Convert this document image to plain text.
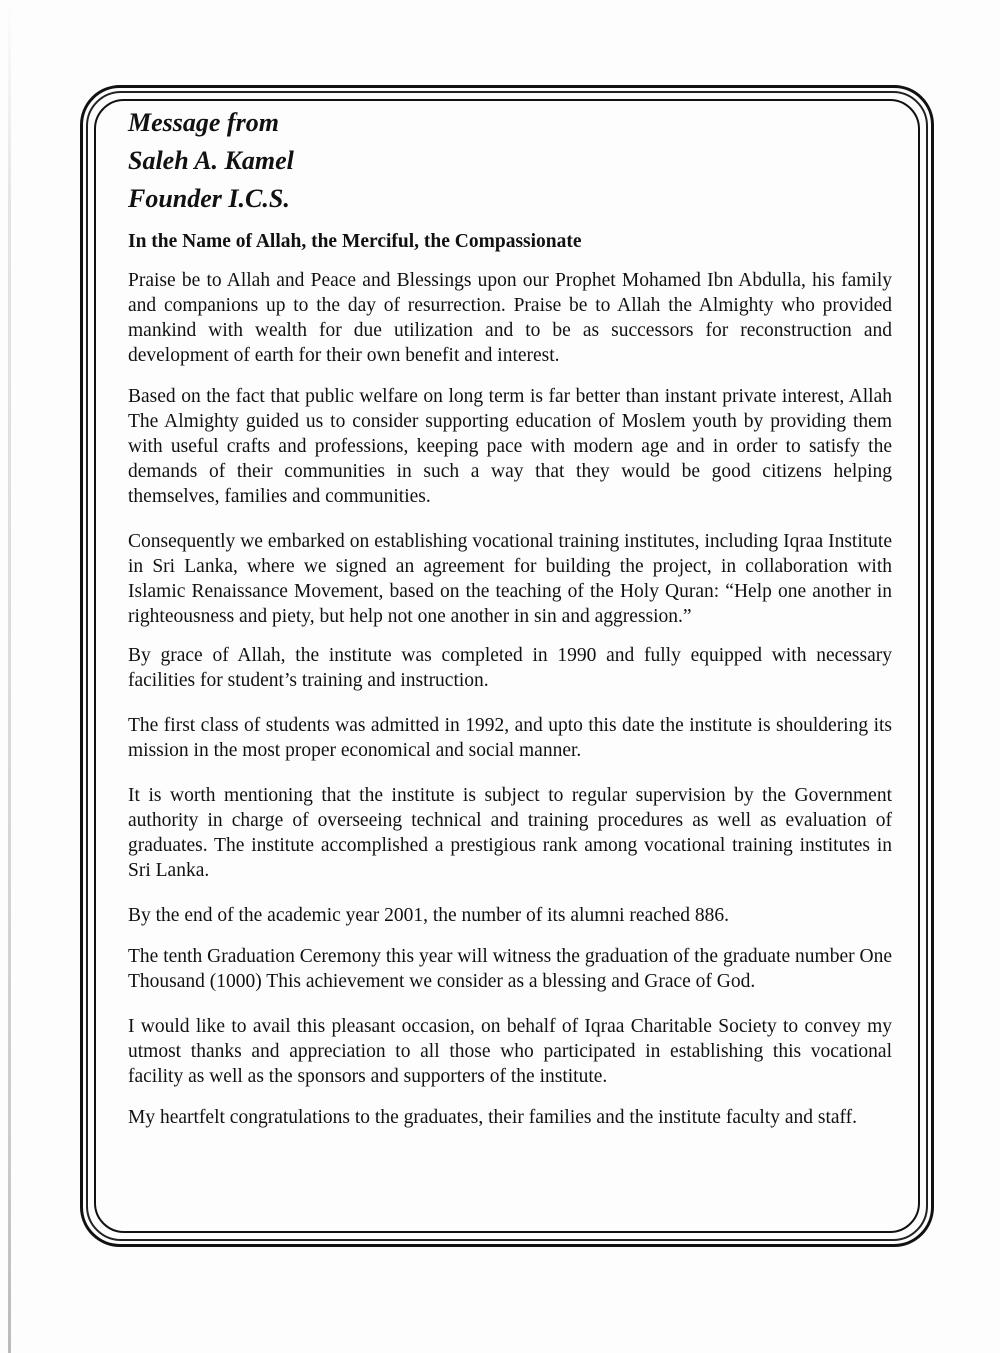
Message from

Saleh A. Kamel

Founder I.C.S.

In the Name of Allah, the Merciful, the Compassionate

Praise be to Allah and Peace and Blessings upon our Prophet Mohamed Ibn Abdulla, his family and companions up to the day of resurrection. Praise be to Allah the Almighty who provided mankind with wealth for due utilization and to be as successors for reconstruction and development of earth for their own benefit and interest.

Based on the fact that public welfare on long term is far better than instant private interest, Allah The Almighty guided us to consider supporting education of Moslem youth by providing them with useful crafts and professions, keeping pace with modern age and in order to satisfy the demands of their communities in such a way that they would be good citizens helping themselves, families and communities.

Consequently we embarked on establishing vocational training institutes, including Iqraa Institute in Sri Lanka, where we signed an agreement for building the project, in collaboration with Islamic Renaissance Movement, based on the teaching of the Holy Quran: “Help one another in righteousness and piety, but help not one another in sin and aggression.”

By grace of Allah, the institute was completed in 1990 and fully equipped with necessary facilities for student’s training and instruction.

The first class of students was admitted in 1992, and upto this date the institute is shouldering its mission in the most proper economical and social manner.

It is worth mentioning that the institute is subject to regular supervision by the Government authority in charge of overseeing technical and training procedures as well as evaluation of graduates. The institute accomplished a prestigious rank among vocational training institutes in Sri Lanka.

By the end of the academic year 2001, the number of its alumni reached 886.

The tenth Graduation Ceremony this year will witness the graduation of the graduate number One Thousand (1000) This achievement we consider as a blessing and Grace of God.

I would like to avail this pleasant occasion, on behalf of Iqraa Charitable Society to convey my utmost thanks and appreciation to all those who participated in establishing this vocational facility as well as the sponsors and supporters of the institute.

My heartfelt congratulations to the graduates, their families and the institute faculty and staff.
